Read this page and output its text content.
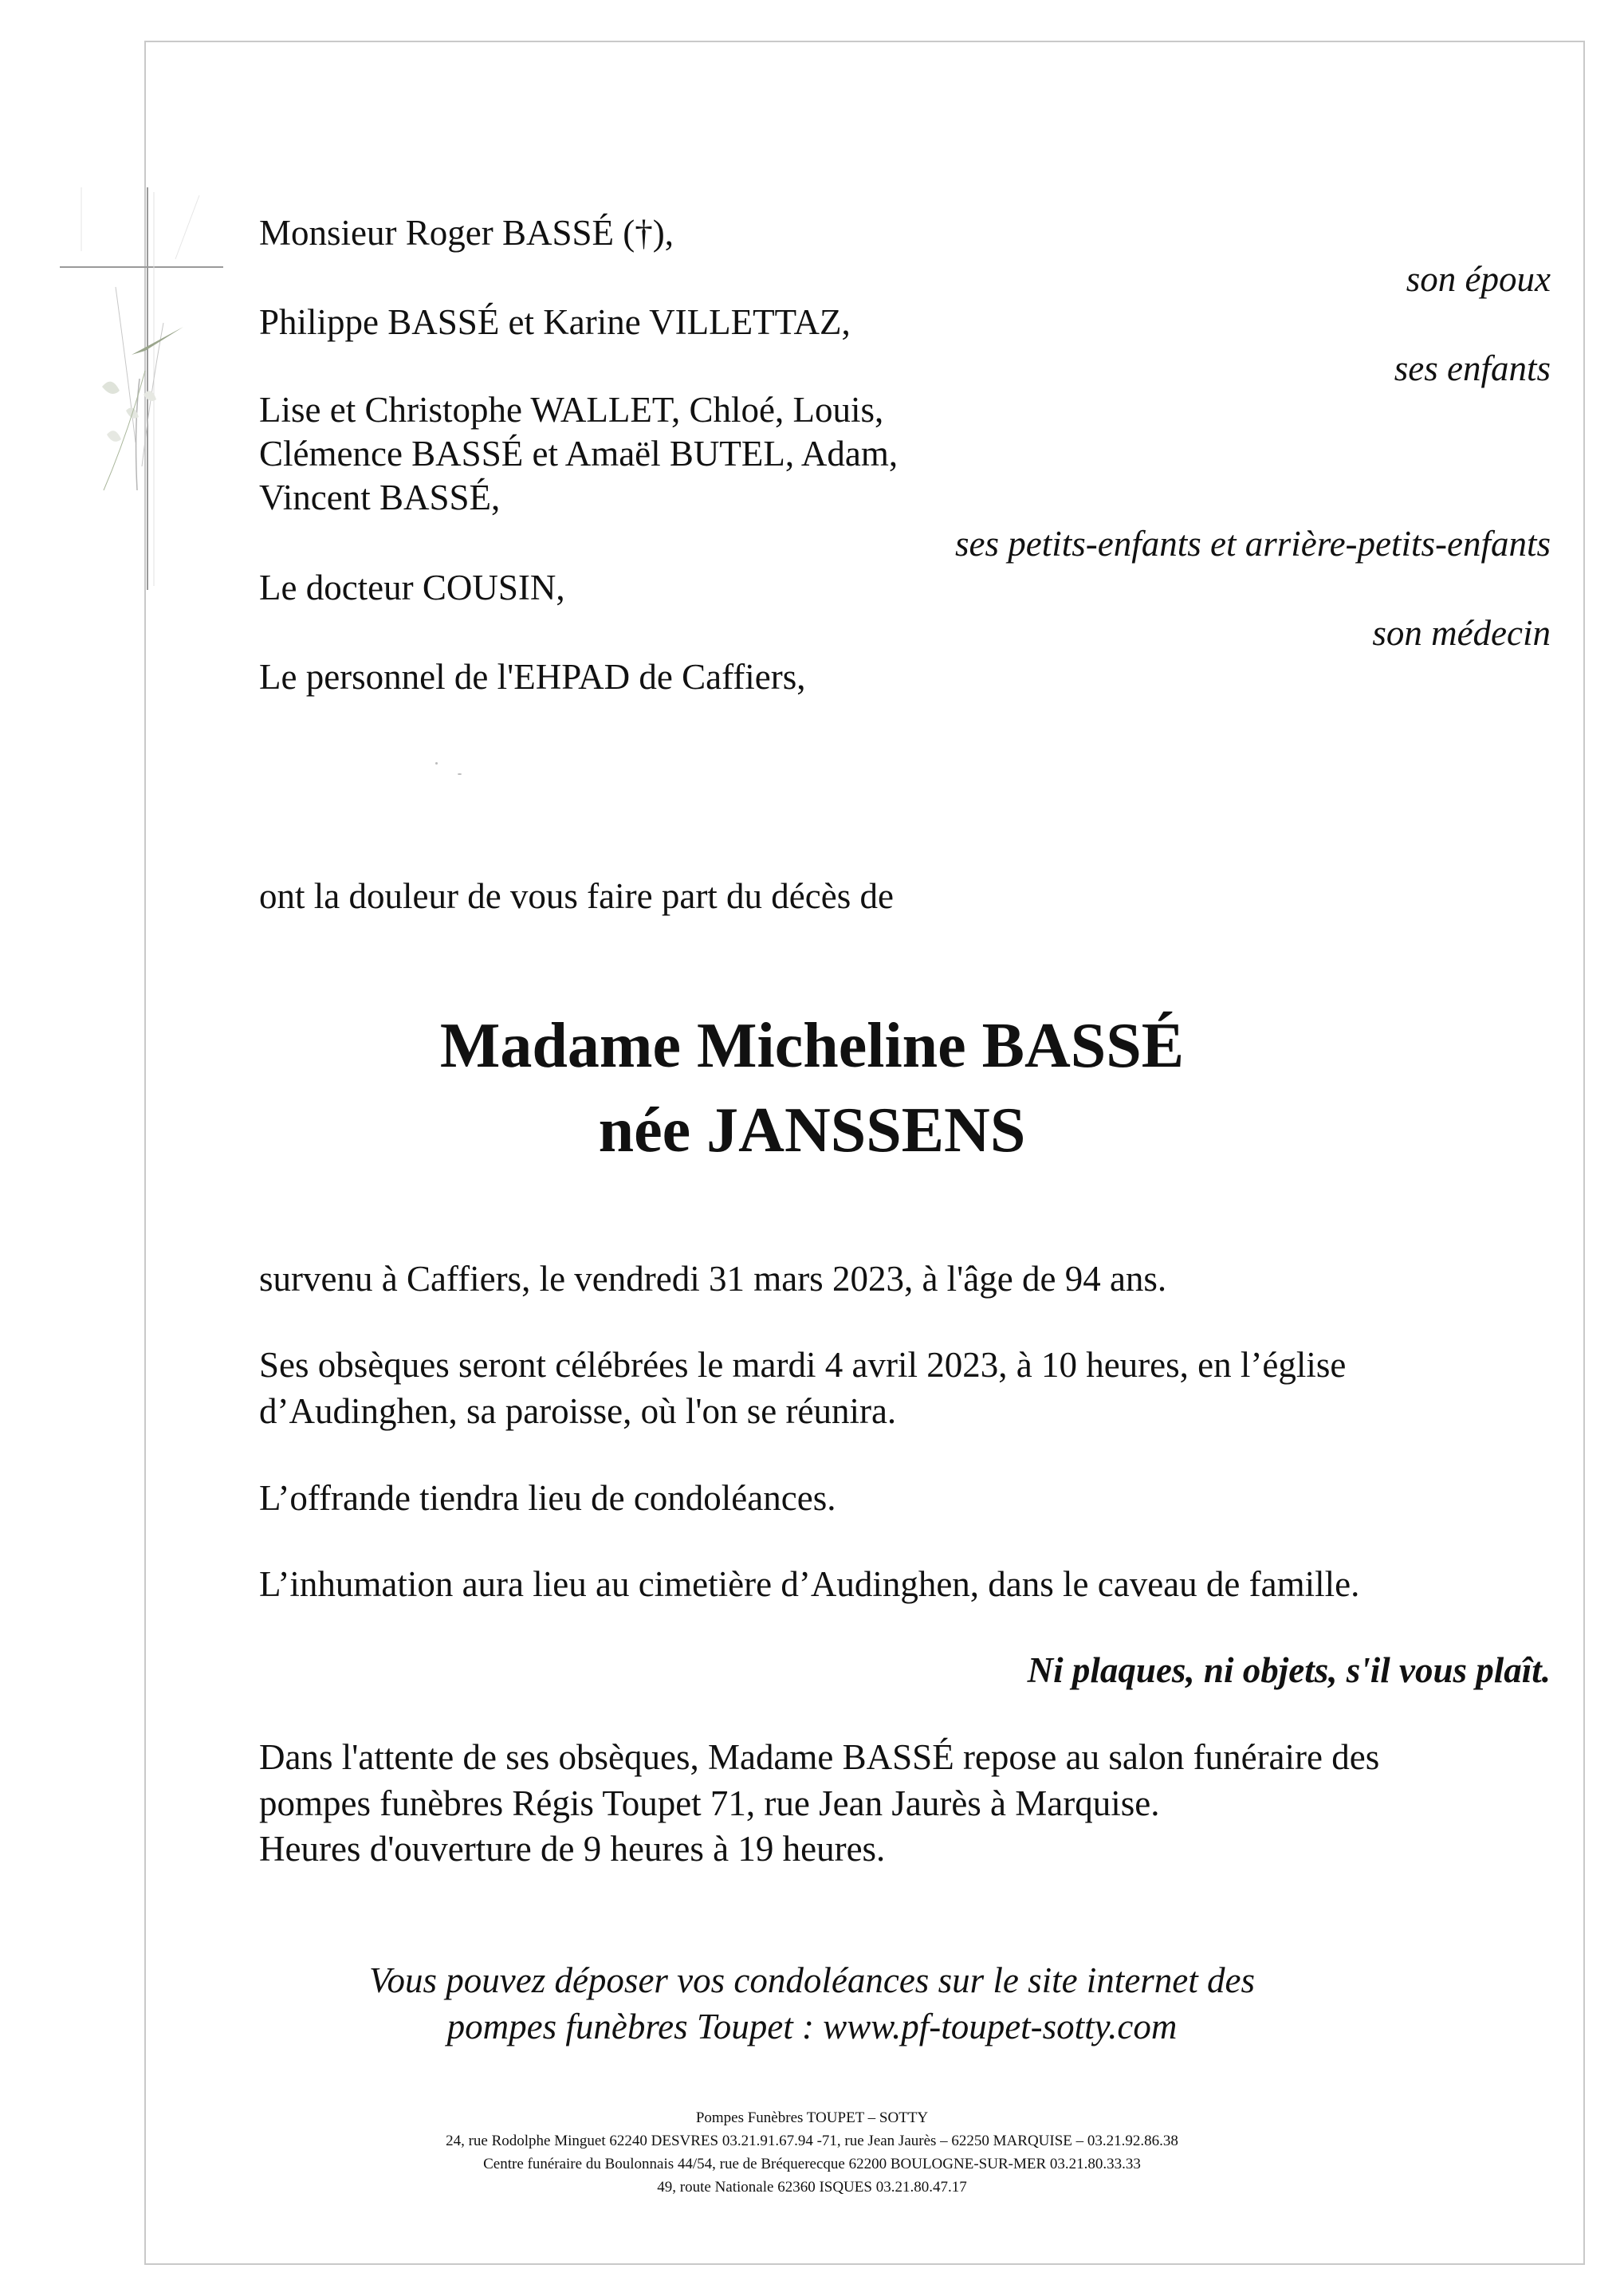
Monsieur Roger BASSÉ (†),
son époux
Philippe BASSÉ et Karine VILLETTAZ,
ses enfants
Lise et Christophe WALLET, Chloé, Louis,
Clémence BASSÉ et Amaël BUTEL, Adam,
Vincent BASSÉ,
ses petits-enfants et arrière-petits-enfants
Le docteur COUSIN,
son médecin
Le personnel de l'EHPAD de Caffiers,
ont la douleur de vous faire part du décès de
Madame Micheline BASSÉ
née JANSSENS
survenu à Caffiers, le vendredi 31 mars 2023, à l'âge de 94 ans.
Ses obsèques seront célébrées le mardi 4 avril 2023, à 10 heures, en l’église
d’Audinghen, sa paroisse, où l'on se réunira.
L’offrande tiendra lieu de condoléances.
L’inhumation aura lieu au cimetière d’Audinghen, dans le caveau de famille.
Ni plaques, ni objets, s'il vous plaît.
Dans l'attente de ses obsèques, Madame BASSÉ repose au salon funéraire des
pompes funèbres Régis Toupet 71, rue Jean Jaurès à Marquise.
Heures d'ouverture de 9 heures à 19 heures.
Vous pouvez déposer vos condoléances sur le site internet des
pompes funèbres Toupet : www.pf-toupet-sotty.com
Pompes Funèbres TOUPET – SOTTY
24, rue Rodolphe Minguet 62240 DESVRES 03.21.91.67.94 -71, rue Jean Jaurès – 62250 MARQUISE – 03.21.92.86.38
Centre funéraire du Boulonnais 44/54, rue de Bréquerecque 62200 BOULOGNE-SUR-MER 03.21.80.33.33
49, route Nationale 62360 ISQUES 03.21.80.47.17
